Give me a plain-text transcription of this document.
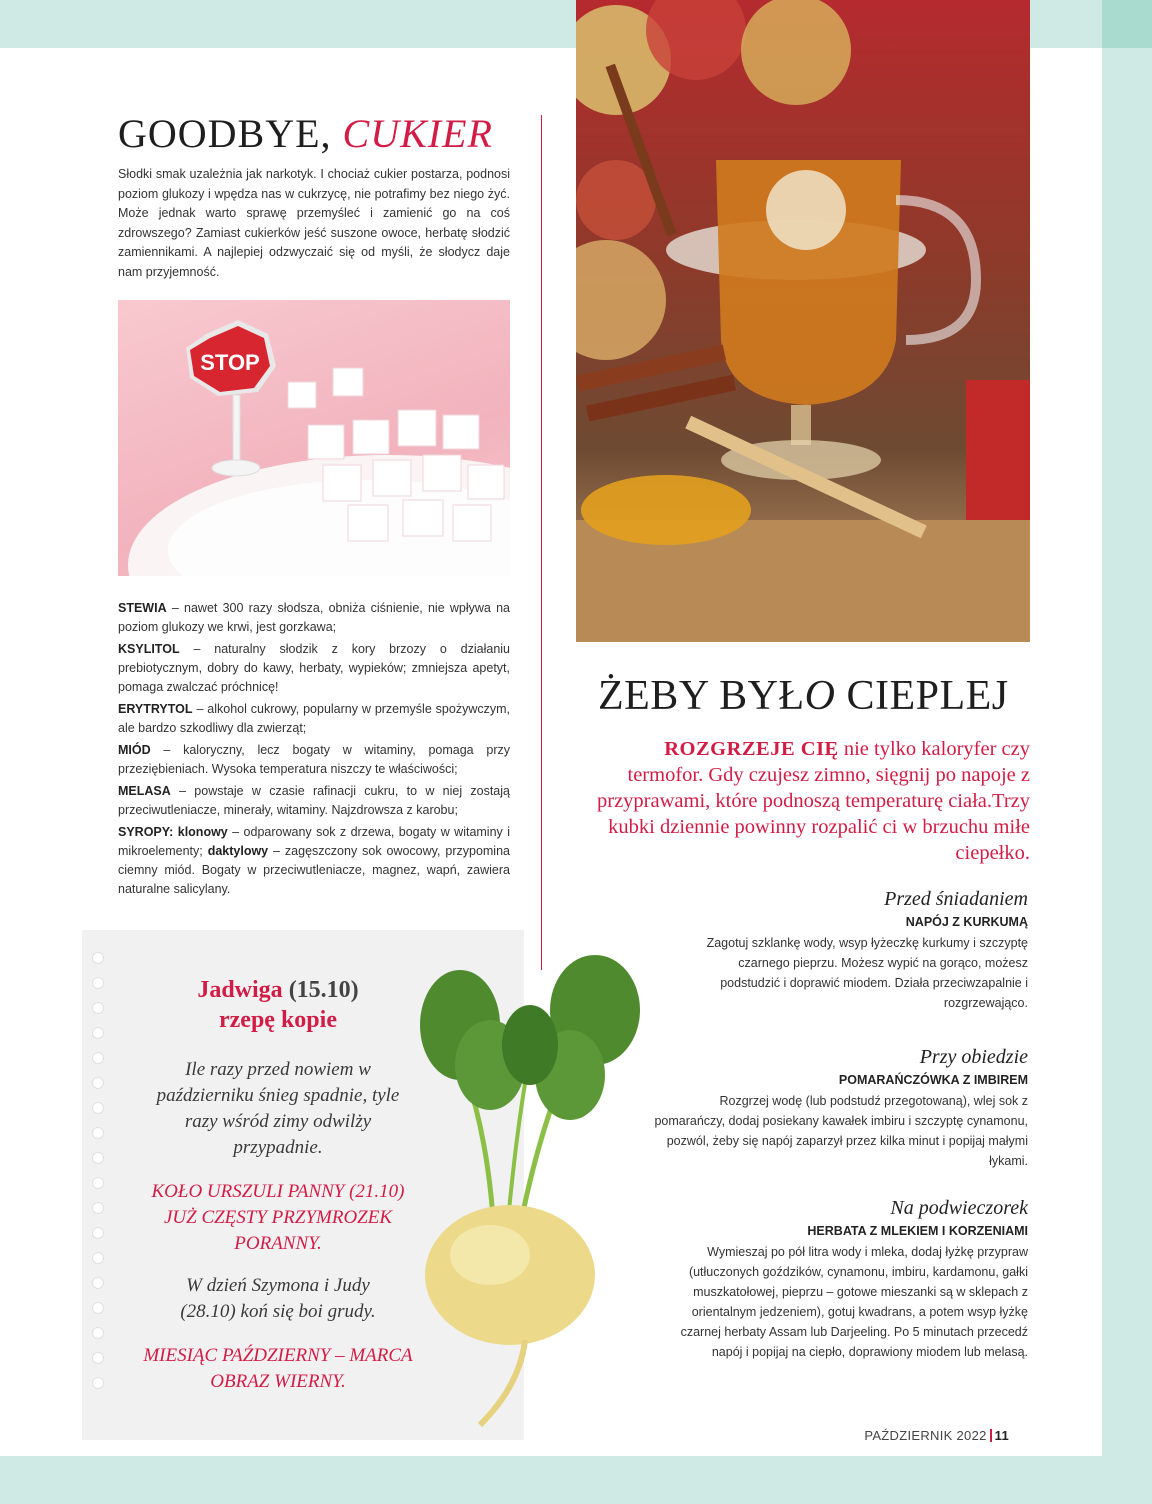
GOODBYE, CUKIER

Słodki smak uzależnia jak narkotyk. I chociaż cukier postarza, podnosi poziom glukozy i wpędza nas w cukrzycę, nie potrafimy bez niego żyć. Może jednak warto sprawę przemyśleć i zamienić go na coś zdrowszego? Zamiast cukierków jeść suszone owoce, herbatę słodzić zamiennikami. A najlepiej odzwyczaić się od myśli, że słodycz daje nam przyjemność.

STOP
STEWIA – nawet 300 razy słodsza, obniża ciśnienie, nie wpływa na poziom glukozy we krwi, jest gorzkawa;
KSYLITOL – naturalny słodzik z kory brzozy o działaniu prebiotycznym, dobry do kawy, herbaty, wypieków; zmniejsza apetyt, pomaga zwalczać próchnicę!
ERYTRYTOL – alkohol cukrowy, popularny w przemyśle spożywczym, ale bardzo szkodliwy dla zwierząt;
MIÓD – kaloryczny, lecz bogaty w witaminy, pomaga przy przeziębieniach. Wysoka temperatura niszczy te właściwości;
MELASA – powstaje w czasie rafinacji cukru, to w niej zostają przeciwutleniacze, minerały, witaminy. Najzdrowsza z karobu;
SYROPY: klonowy – odparowany sok z drzewa, bogaty w witaminy i mikroelementy; daktylowy – zagęszczony sok owocowy, przypomina ciemny miód. Bogaty w przeciwutleniacze, magnez, wapń, zawiera naturalne salicylany.
ŻEBY BYŁO CIEPLEJ

ROZGRZEJE CIĘ nie tylko kaloryfer czy termofor. Gdy czujesz zimno, sięgnij po napoje z przyprawami, które podnoszą temperaturę ciała.Trzy kubki dziennie powinny rozpalić ci w brzuchu miłe ciepełko.

Przed śniadaniem
NAPÓJ Z KURKUMĄ
Zagotuj szklankę wody, wsyp łyżeczkę kurkumy i szczyptę czarnego pieprzu. Możesz wypić na gorąco, możesz podstudzić i doprawić miodem. Działa przeciwzapalnie i rozgrzewająco.
Przy obiedzie
POMARAŃCZÓWKA Z IMBIREM
Rozgrzej wodę (lub podstudź przegotowaną), wlej sok z pomarańczy, dodaj posiekany kawałek imbiru i szczyptę cynamonu, pozwól, żeby się napój zaparzył przez kilka minut i popijaj małymi łykami.
Na podwieczorek
HERBATA Z MLEKIEM I KORZENIAMI
Wymieszaj po pół litra wody i mleka, dodaj łyżkę przypraw (utłuczonych goździków, cynamonu, imbiru, kardamonu, gałki muszkatołowej, pieprzu – gotowe mieszanki są w sklepach z orientalnym jedzeniem), gotuj kwadrans, a potem wsyp łyżkę czarnej herbaty Assam lub Darjeeling. Po 5 minutach przecedź napój i popijaj na ciepło, doprawiony miodem lub melasą.
Jadwiga (15.10)
rzepę kopie
Ile razy przed nowiem w październiku śnieg spadnie, tyle razy wśród zimy odwilży przypadnie.
KOŁO URSZULI PANNY (21.10) JUŻ CZĘSTY PRZYMROZEK PORANNY.
W dzień Szymona i Judy (28.10) koń się boi grudy.
MIESIĄC PAŹDZIERNY – MARCA OBRAZ WIERNY.
PAŹDZIERNIK 2022 11
